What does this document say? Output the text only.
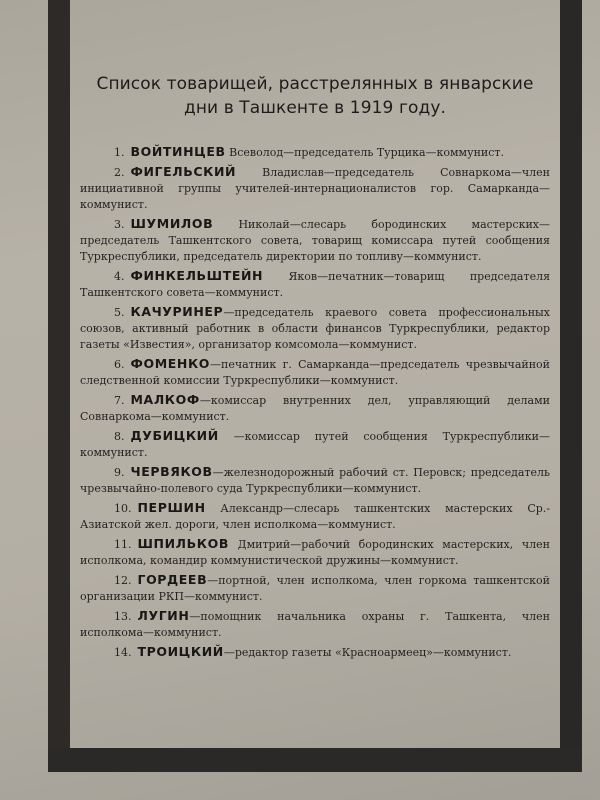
Список товарищей, расстрелянных в январские
дни в Ташкенте в 1919 году.

1. ВОЙТИНЦЕВ Всеволод—председатель Турцика—коммунист.

2. ФИГЕЛЬСКИЙ Владислав—председатель Совнаркома—член инициативной группы учителей-интернационалистов гор. Самарканда—коммунист.

3. ШУМИЛОВ Николай—слесарь бородинских мастерских—председатель Ташкентского совета, товарищ комиссара путей сообщения Туркреспублики, председатель директории по топливу—коммунист.

4. ФИНКЕЛЬШТЕЙН Яков—печатник—товарищ председателя Ташкентского совета—коммунист.

5. КАЧУРИНЕР—председатель краевого совета профессиональных союзов, активный работник в области финансов Туркреспублики, редактор газеты «Известия», организатор комсомола—коммунист.

6. ФОМЕНКО—печатник г. Самарканда—председатель чрезвычайной следственной комиссии Туркреспублики—коммунист.

7. МАЛКОФ—комиссар внутренних дел, управляющий делами Совнаркома—коммунист.

8. ДУБИЦКИЙ —комиссар путей сообщения Туркреспублики—коммунист.

9. ЧЕРВЯКОВ—железнодорожный рабочий ст. Перовск; председатель чрезвычайно-полевого суда Туркреспублики—коммунист.

10. ПЕРШИН Александр—слесарь ташкентских мастерских Ср.-Азиатской жел. дороги, член исполкома—коммунист.

11. ШПИЛЬКОВ Дмитрий—рабочий бородинских мастерских, член исполкома, командир коммунистической дружины—коммунист.

12. ГОРДЕЕВ—портной, член исполкома, член горкома ташкентской организации РКП—коммунист.

13. ЛУГИН—помощник начальника охраны г. Ташкента, член исполкома—коммунист.

14. ТРОИЦКИЙ—редактор газеты «Красноармеец»—коммунист.
